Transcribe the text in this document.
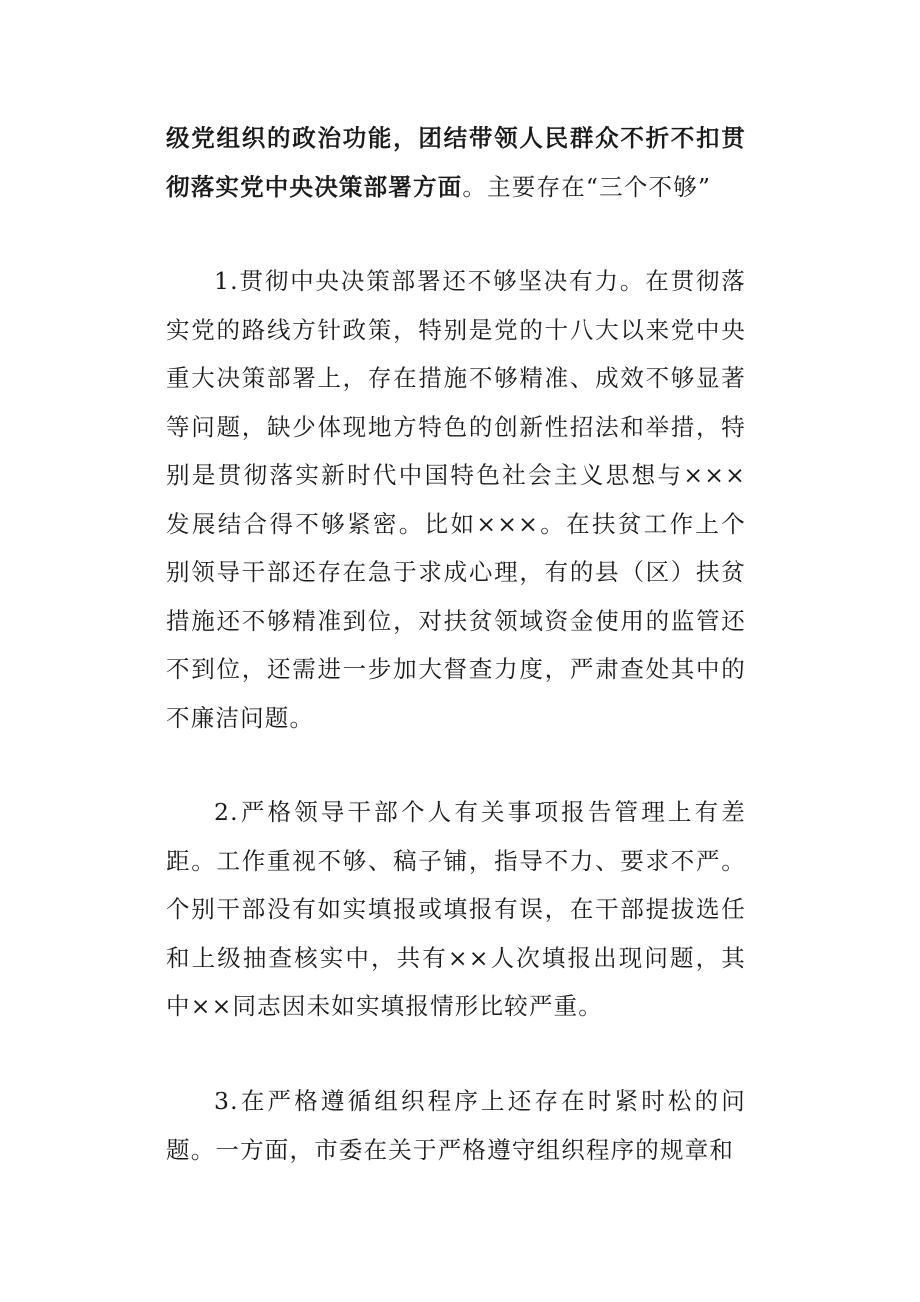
级党组织的政治功能，团结带领人民群众不折不扣贯彻落实党中央决策部署方面。主要存在“三个不够”

1.贯彻中央决策部署还不够坚决有力。在贯彻落实党的路线方针政策，特别是党的十八大以来党中央重大决策部署上，存在措施不够精准、成效不够显著等问题，缺少体现地方特色的创新性招法和举措，特别是贯彻落实新时代中国特色社会主义思想与×××发展结合得不够紧密。比如×××。在扶贫工作上个别领导干部还存在急于求成心理，有的县（区）扶贫措施还不够精准到位，对扶贫领域资金使用的监管还不到位，还需进一步加大督查力度，严肃查处其中的不廉洁问题。

2.严格领导干部个人有关事项报告管理上有差距。工作重视不够、稿子铺，指导不力、要求不严。个别干部没有如实填报或填报有误，在干部提拔选任和上级抽查核实中，共有××人次填报出现问题，其中××同志因未如实填报情形比较严重。

3.在严格遵循组织程序上还存在时紧时松的问题。一方面，市委在关于严格遵守组织程序的规章和
